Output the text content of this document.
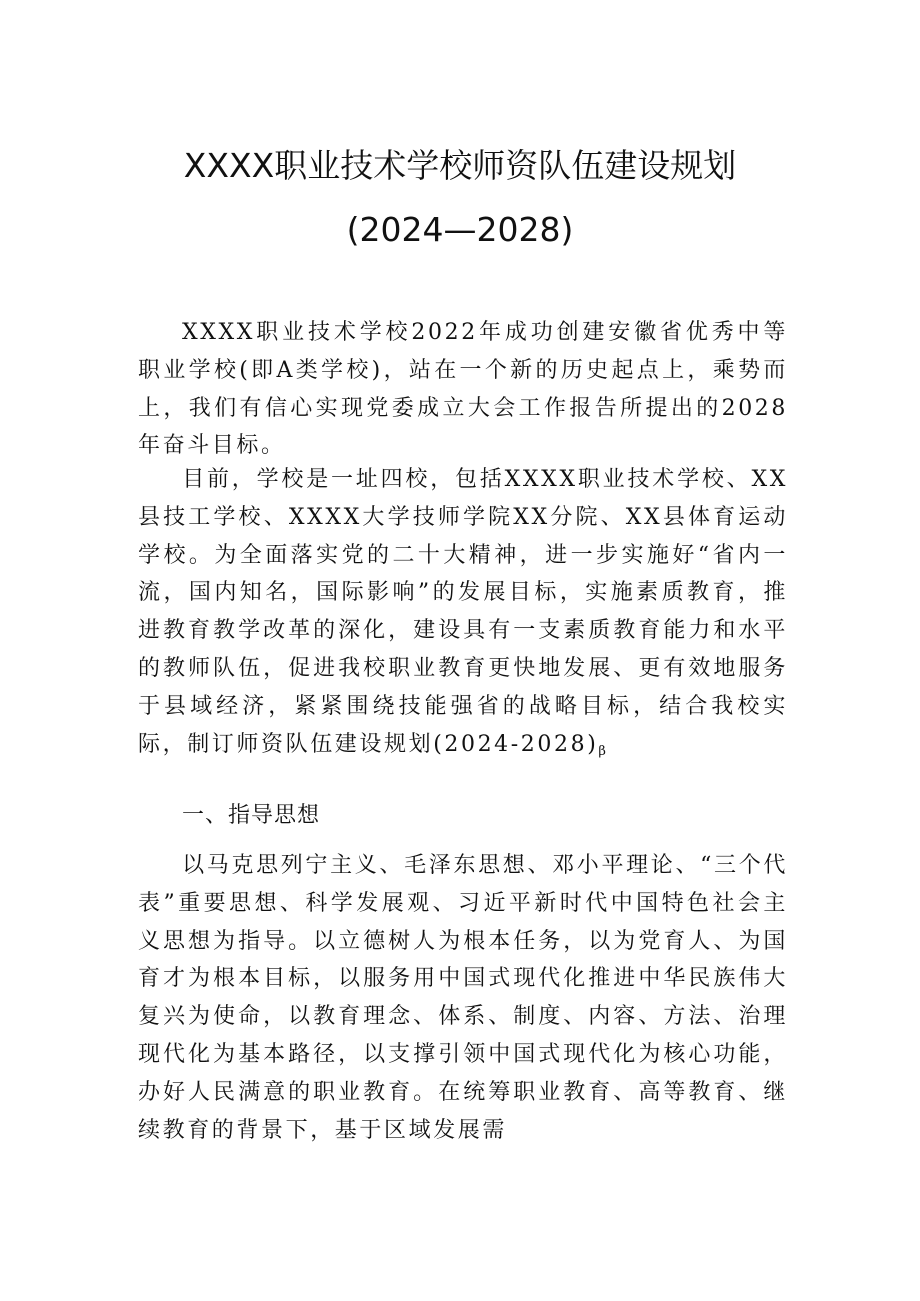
XXXX职业技术学校师资队伍建设规划
(2024—2028)

XXXX职业技术学校2022年成功创建安徽省优秀中等职业学校(即A类学校)，站在一个新的历史起点上，乘势而上，我们有信心实现党委成立大会工作报告所提出的2028年奋斗目标。

目前，学校是一址四校，包括XXXX职业技术学校、XX县技工学校、XXXX大学技师学院XX分院、XX县体育运动学校。为全面落实党的二十大精神，进一步实施好“省内一流，国内知名，国际影响”的发展目标，实施素质教育，推进教育教学改革的深化，建设具有一支素质教育能力和水平的教师队伍，促进我校职业教育更快地发展、更有效地服务于县域经济，紧紧围绕技能强省的战略目标，结合我校实际，制订师资队伍建设规划(2024-2028)β

一、指导思想

以马克思列宁主义、毛泽东思想、邓小平理论、“三个代表”重要思想、科学发展观、习近平新时代中国特色社会主义思想为指导。以立德树人为根本任务，以为党育人、为国育才为根本目标，以服务用中国式现代化推进中华民族伟大复兴为使命，以教育理念、体系、制度、内容、方法、治理现代化为基本路径，以支撑引领中国式现代化为核心功能，办好人民满意的职业教育。在统筹职业教育、高等教育、继续教育的背景下，基于区域发展需
